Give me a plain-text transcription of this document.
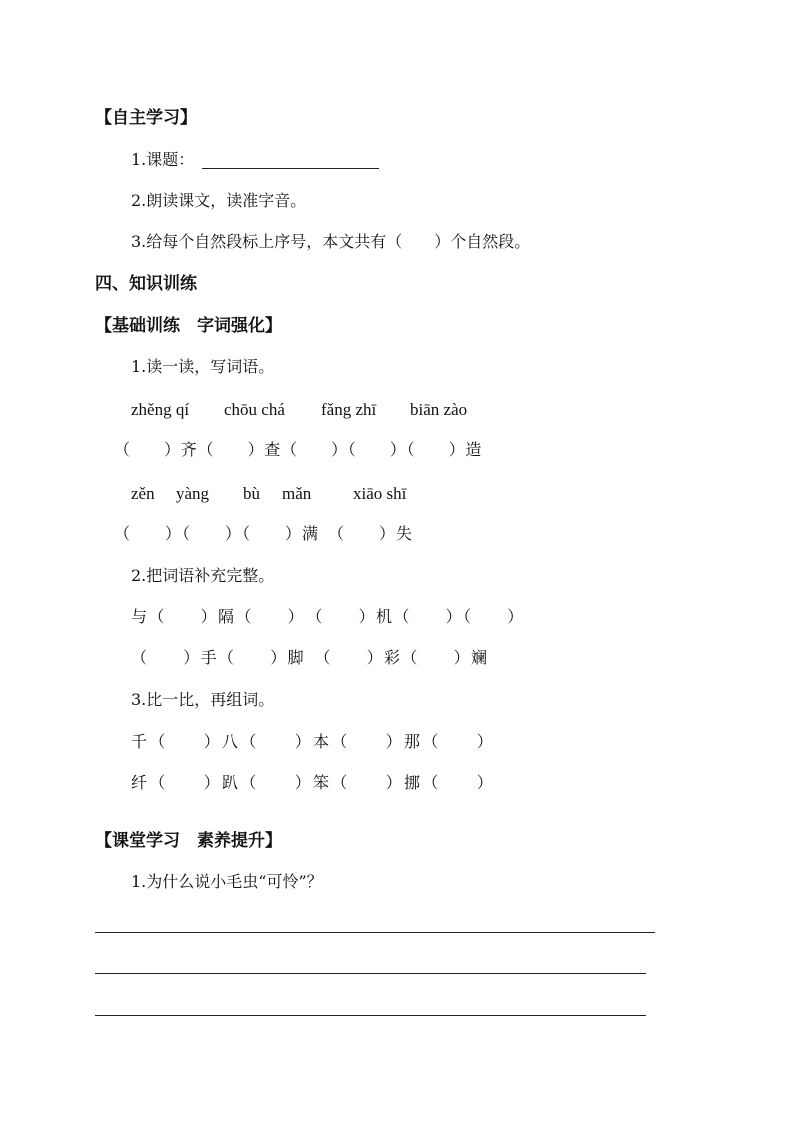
【自主学习】
1.课题：
2.朗读课文，读准字音。
3.给每个自然段标上序号，本文共有（　　）个自然段。
四、知识训练
【基础训练　字词强化】
1.读一读，写词语。
zhěng qí chōu chá fǎng zhī biān zào
（　　）齐（　　）查（　　）（　　）（　　）造
zěn yàng bù mǎn xiāo shī
（　　）（　　）（　　）满　（　　）失
2.把词语补充完整。
与（　　）隔（　　）　（　　）机（　　）（　　）
（　　）手（　　）脚　（　　）彩（　　）斓
3.比一比，再组词。
千（　　）八（　　）本（　　）那（　　）
纤（　　）趴（　　）笨（　　）挪（　　）
【课堂学习　素养提升】
1.为什么说小毛虫“可怜”？
